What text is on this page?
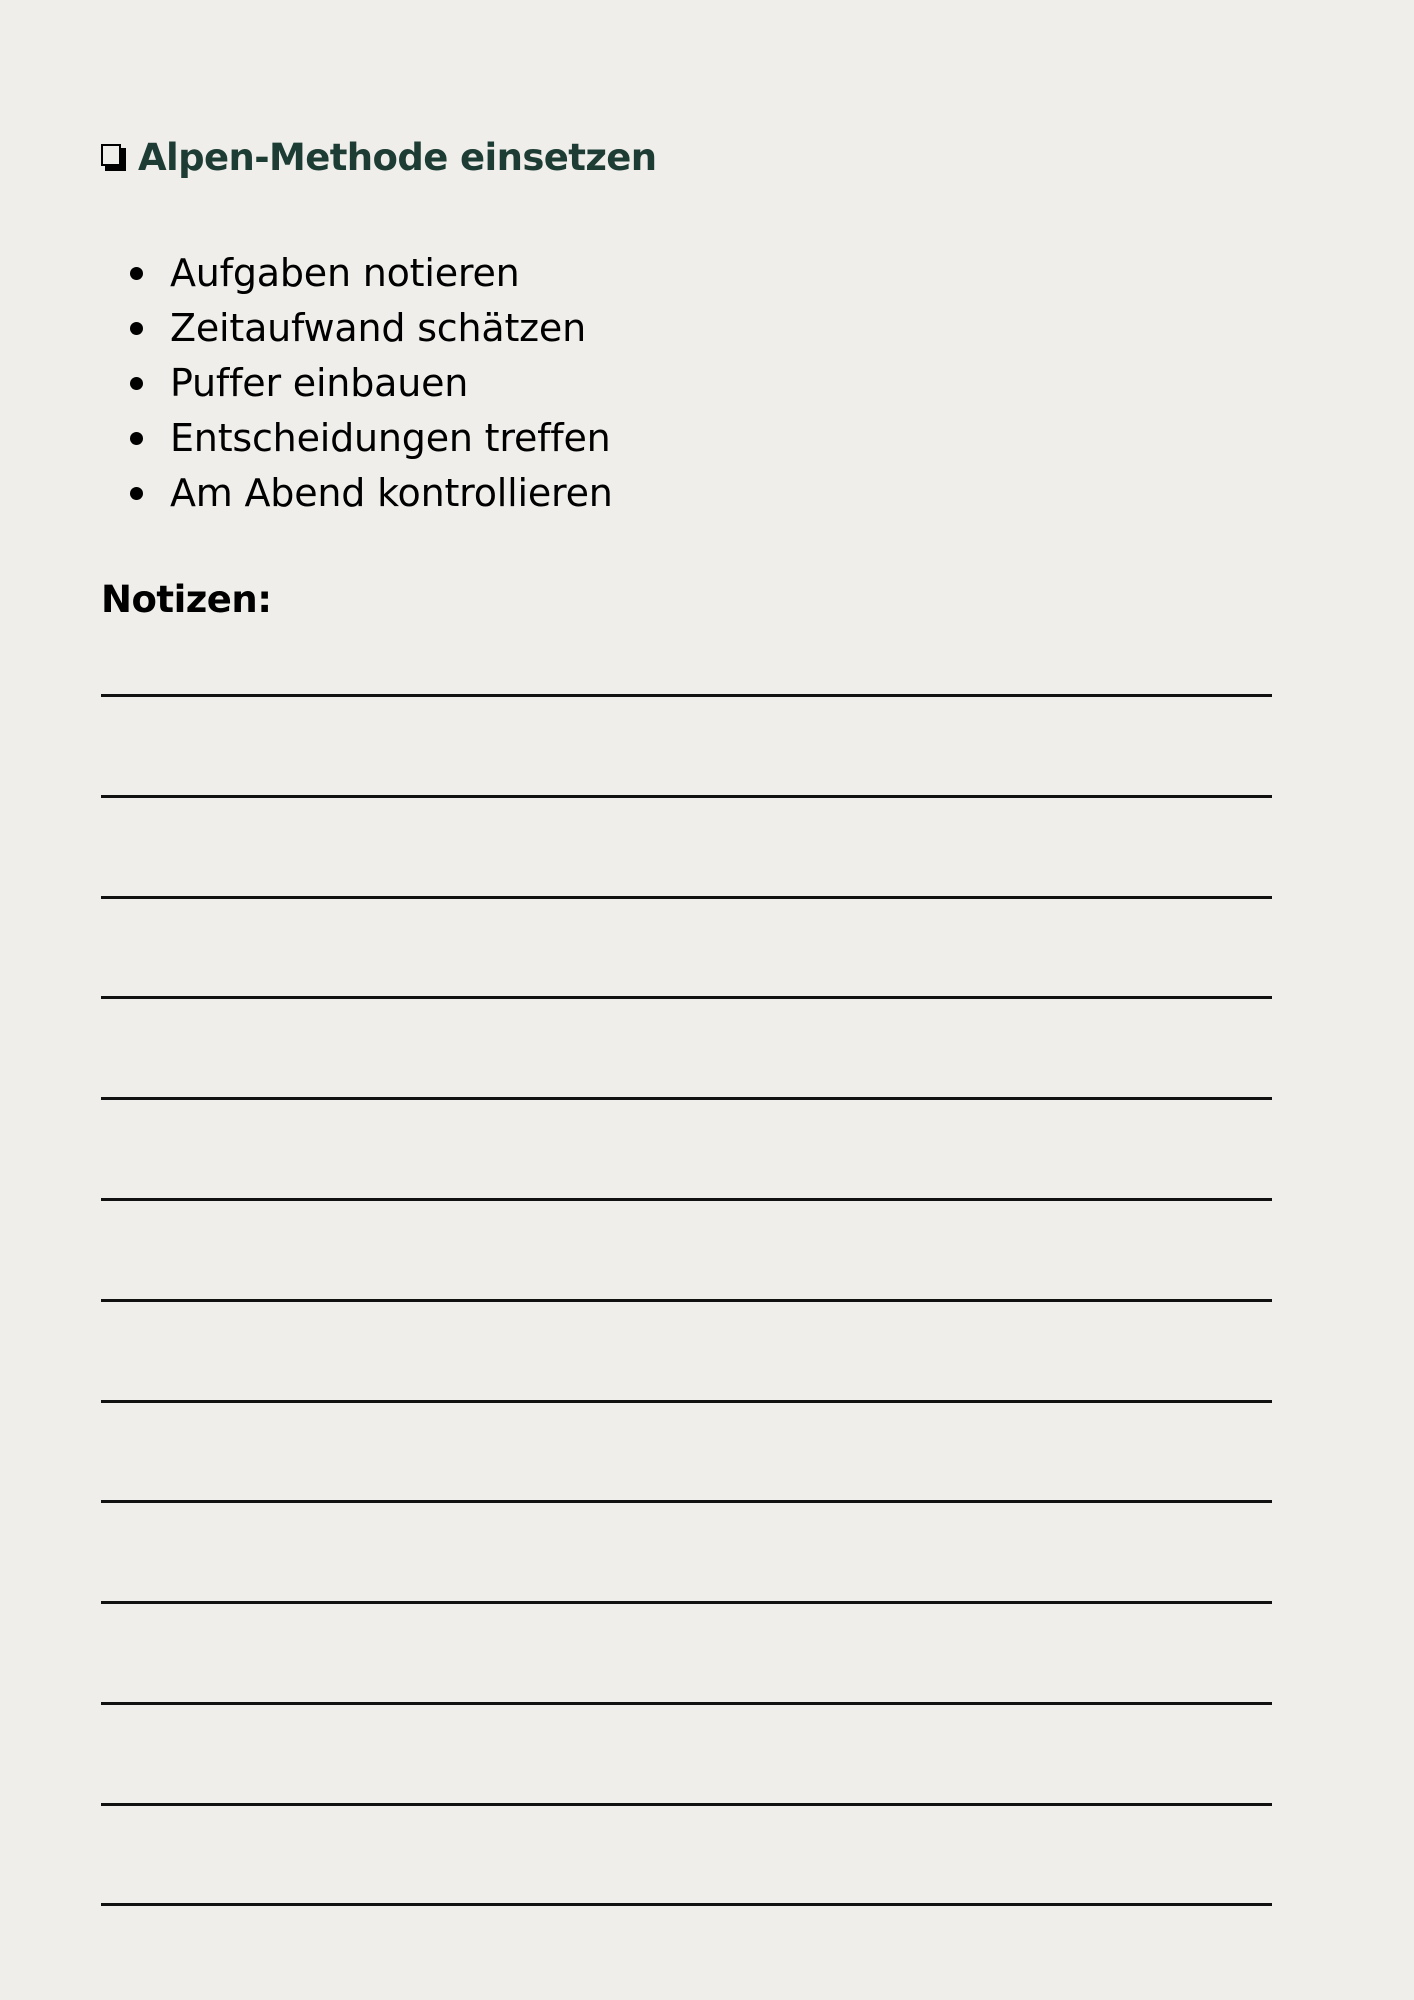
Alpen-Methode einsetzen
Aufgaben notieren
Zeitaufwand schätzen
Puffer einbauen
Entscheidungen treffen
Am Abend kontrollieren
Notizen:
